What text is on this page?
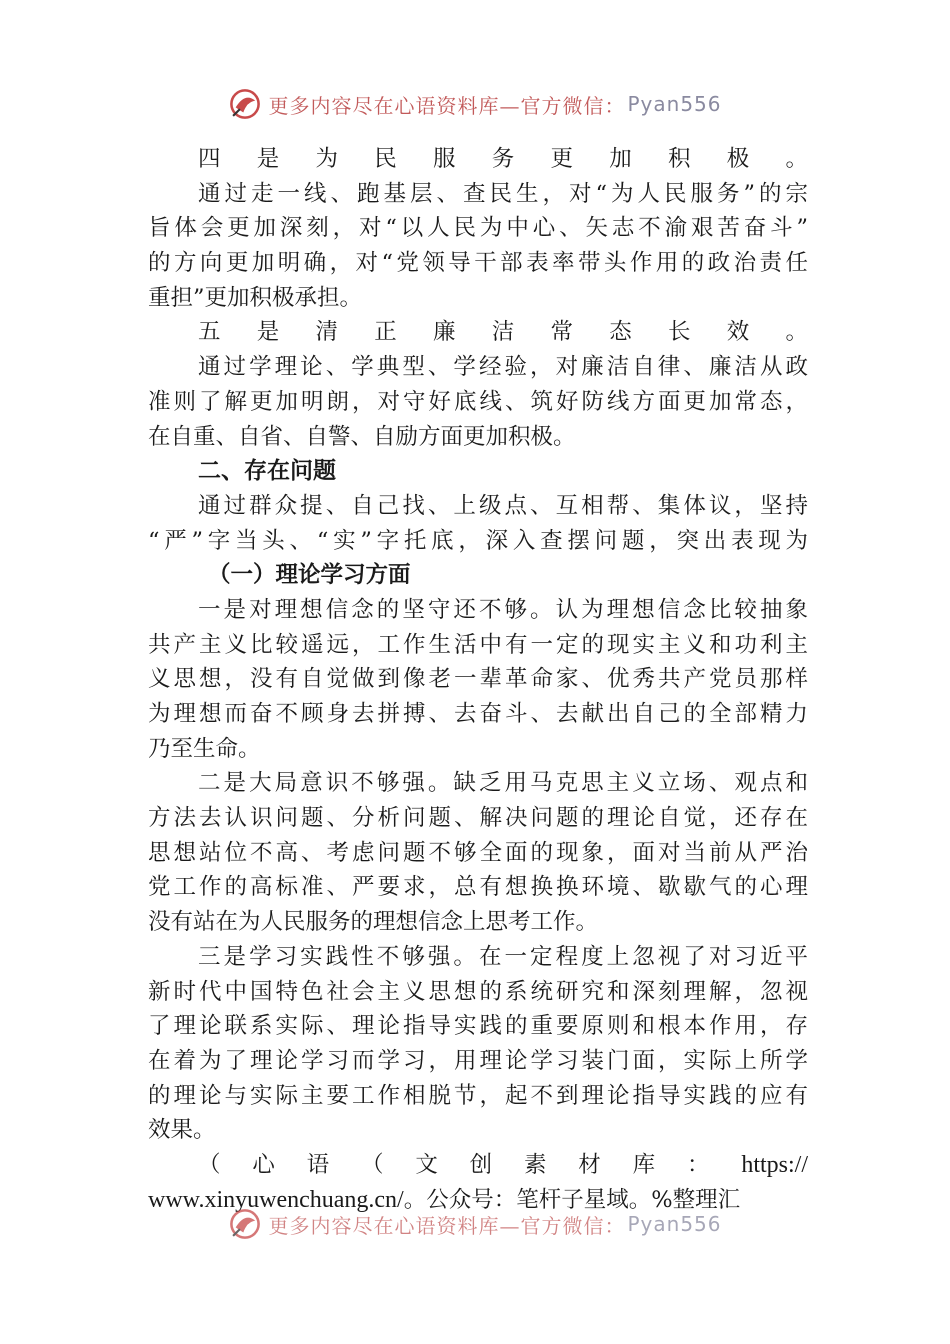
更多内容尽在心语资料库—官方微信： Pyan556
四是为民服务更加积极。
通过走一线、跑基层、查民生，对“为人民服务”的宗
旨体会更加深刻，对“以人民为中心、矢志不渝艰苦奋斗”
的方向更加明确，对“党领导干部表率带头作用的政治责任
重担”更加积极承担。
五是清正廉洁常态长效。
通过学理论、学典型、学经验，对廉洁自律、廉洁从政
准则了解更加明朗，对守好底线、筑好防线方面更加常态，
在自重、自省、自警、自励方面更加积极。
二、存在问题
通过群众提、自己找、上级点、互相帮、集体议，坚持
“严”字当头、“实”字托底，深入查摆问题，突出表现为
（一）理论学习方面
一是对理想信念的坚守还不够。认为理想信念比较抽象
共产主义比较遥远，工作生活中有一定的现实主义和功利主
义思想，没有自觉做到像老一辈革命家、优秀共产党员那样
为理想而奋不顾身去拼搏、去奋斗、去献出自己的全部精力
乃至生命。
二是大局意识不够强。缺乏用马克思主义立场、观点和
方法去认识问题、分析问题、解决问题的理论自觉，还存在
思想站位不高、考虑问题不够全面的现象，面对当前从严治
党工作的高标准、严要求，总有想换换环境、歇歇气的心理
没有站在为人民服务的理想信念上思考工作。
三是学习实践性不够强。在一定程度上忽视了对习近平
新时代中国特色社会主义思想的系统研究和深刻理解，忽视
了理论联系实际、理论指导实践的重要原则和根本作用，存
在着为了理论学习而学习，用理论学习装门面，实际上所学
的理论与实际主要工作相脱节，起不到理论指导实践的应有
效果。
（心语（文创素材库：https://
www.xinyuwenchuang.cn/。公众号：笔杆子星域。%整理汇
更多内容尽在心语资料库—官方微信： Pyan556
